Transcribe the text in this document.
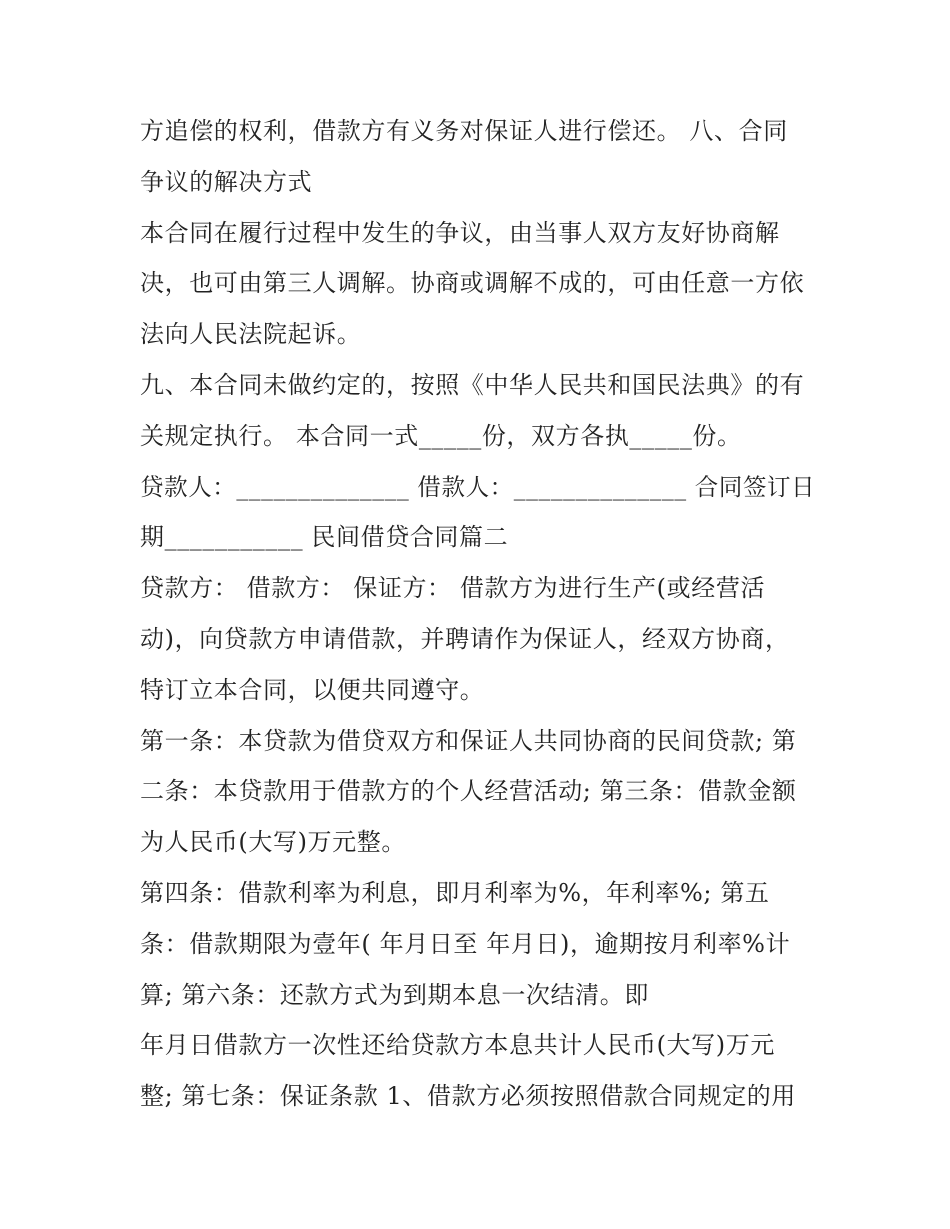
方追偿的权利，借款方有义务对保证人进行偿还。 八、合同
争议的解决方式
本合同在履行过程中发生的争议，由当事人双方友好协商解
决，也可由第三人调解。协商或调解不成的，可由任意一方依
法向人民法院起诉。
九、本合同未做约定的，按照《中华人民共和国民法典》的有
关规定执行。 本合同一式_____份，双方各执_____份。
贷款人：______________ 借款人：______________ 合同签订日
期___________ 民间借贷合同篇二
贷款方： 借款方： 保证方： 借款方为进行生产(或经营活
动)，向贷款方申请借款，并聘请作为保证人，经双方协商，
特订立本合同，以便共同遵守。
第一条：本贷款为借贷双方和保证人共同协商的民间贷款; 第
二条：本贷款用于借款方的个人经营活动; 第三条：借款金额
为人民币(大写)万元整。
第四条：借款利率为利息，即月利率为%，年利率%; 第五
条：借款期限为壹年( 年月日至 年月日)，逾期按月利率%计
算; 第六条：还款方式为到期本息一次结清。即
年月日借款方一次性还给贷款方本息共计人民币(大写)万元
整; 第七条：保证条款 1、借款方必须按照借款合同规定的用
